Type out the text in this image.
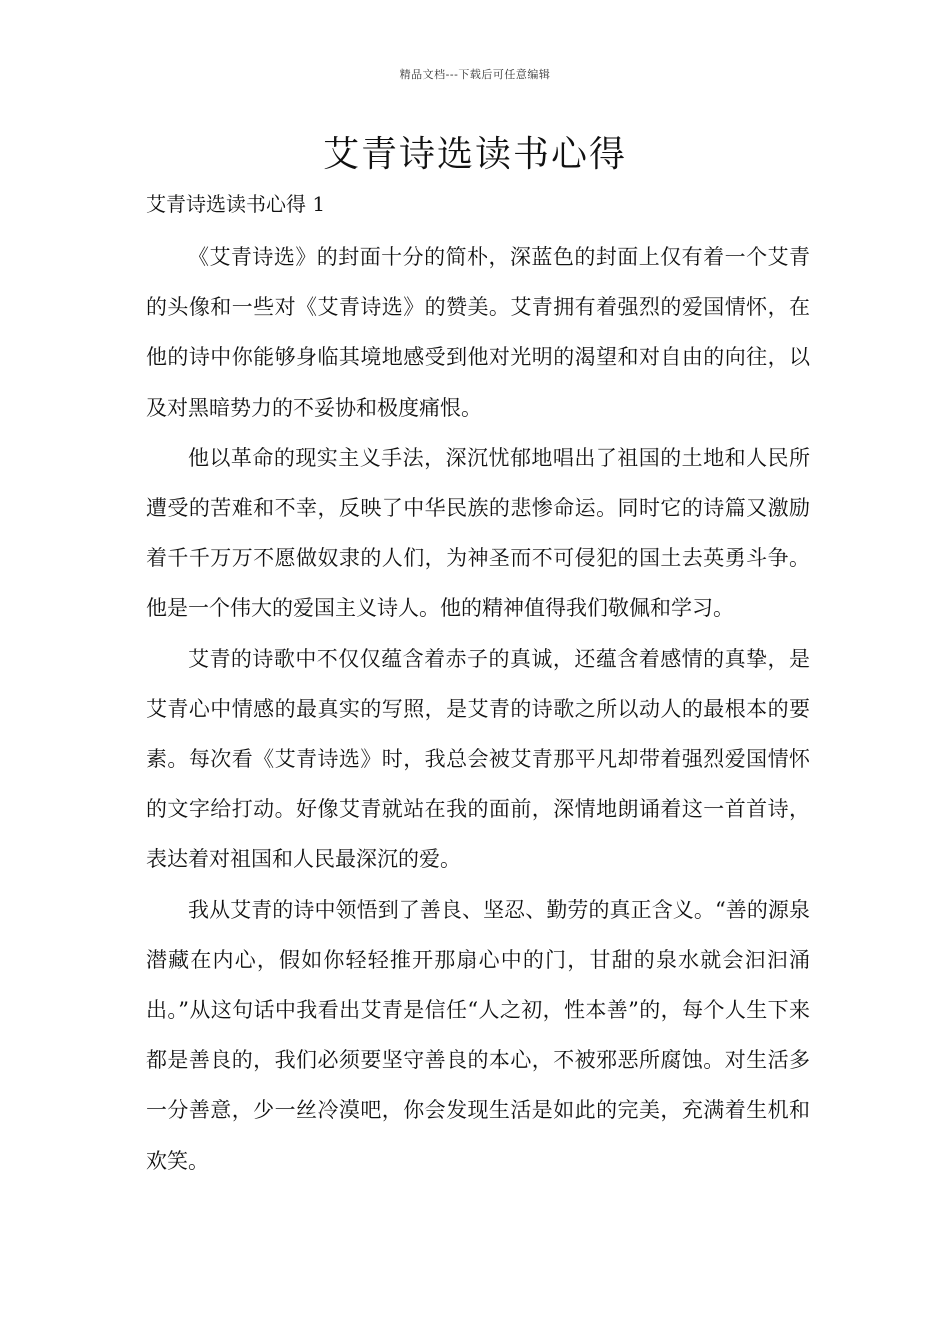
精品文档---下载后可任意编辑
艾青诗选读书心得
艾青诗选读书心得 1

《艾青诗选》的封面十分的简朴，深蓝色的封面上仅有着一个艾青的头像和一些对《艾青诗选》的赞美。艾青拥有着强烈的爱国情怀，在他的诗中你能够身临其境地感受到他对光明的渴望和对自由的向往，以及对黑暗势力的不妥协和极度痛恨。

他以革命的现实主义手法，深沉忧郁地唱出了祖国的土地和人民所遭受的苦难和不幸，反映了中华民族的悲惨命运。同时它的诗篇又激励着千千万万不愿做奴隶的人们，为神圣而不可侵犯的国土去英勇斗争。他是一个伟大的爱国主义诗人。他的精神值得我们敬佩和学习。

艾青的诗歌中不仅仅蕴含着赤子的真诚，还蕴含着感情的真挚，是艾青心中情感的最真实的写照，是艾青的诗歌之所以动人的最根本的要素。每次看《艾青诗选》时，我总会被艾青那平凡却带着强烈爱国情怀的文字给打动。好像艾青就站在我的面前，深情地朗诵着这一首首诗，表达着对祖国和人民最深沉的爱。

我从艾青的诗中领悟到了善良、坚忍、勤劳的真正含义。“善的源泉潜藏在内心，假如你轻轻推开那扇心中的门，甘甜的泉水就会汩汩涌出。”从这句话中我看出艾青是信任“人之初，性本善”的，每个人生下来都是善良的，我们必须要坚守善良的本心，不被邪恶所腐蚀。对生活多一分善意，少一丝冷漠吧，你会发现生活是如此的完美，充满着生机和欢笑。
